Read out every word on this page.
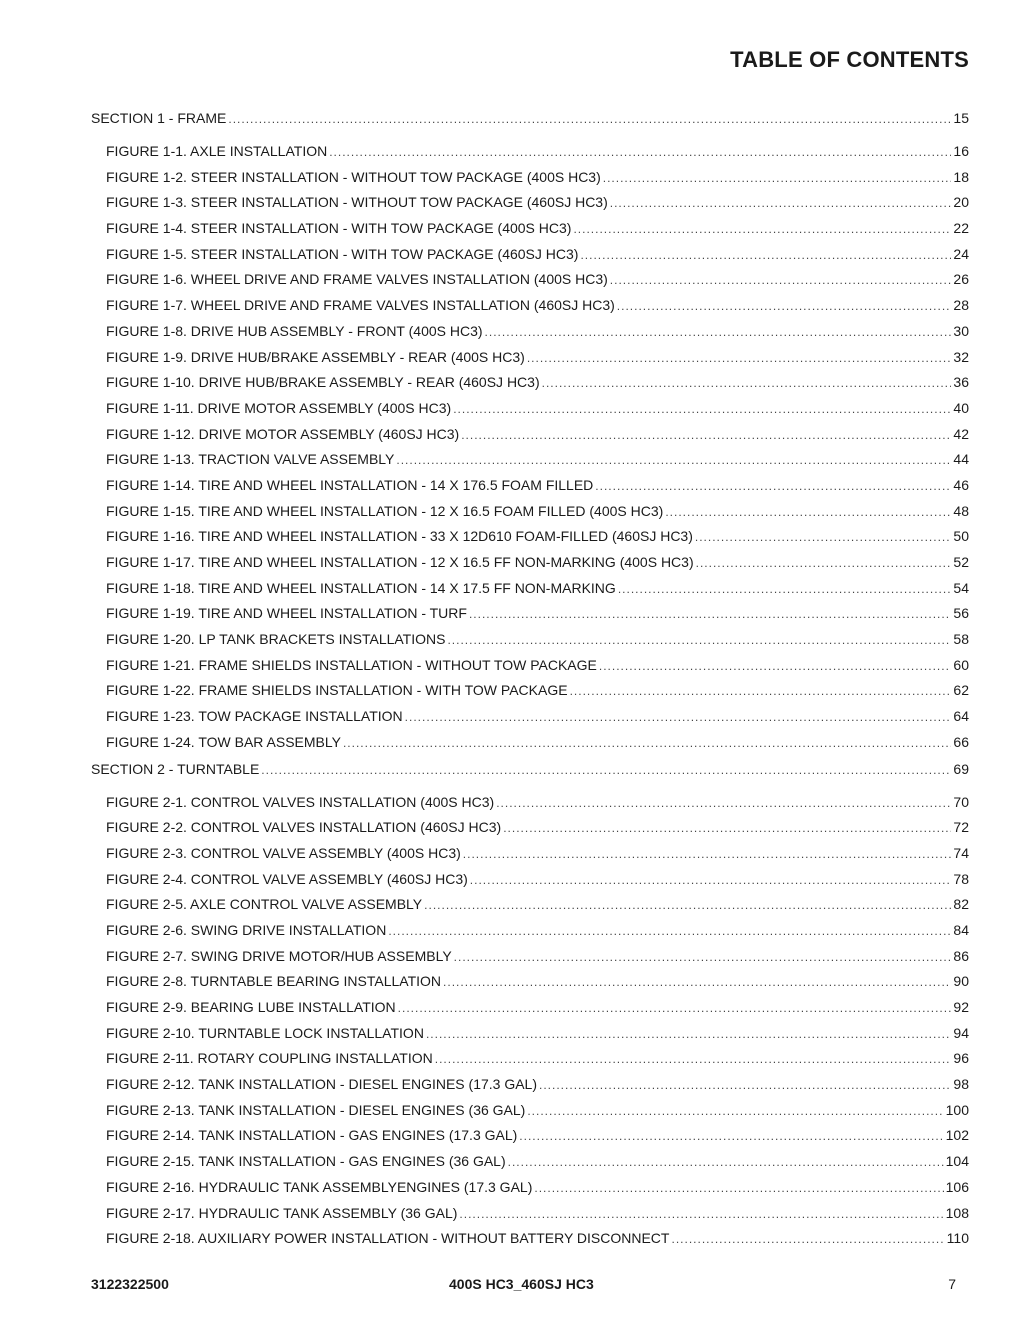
TABLE OF CONTENTS
SECTION 1 - FRAME .....	15
FIGURE 1-1. AXLE INSTALLATION .....	16
FIGURE 1-2. STEER INSTALLATION - WITHOUT TOW PACKAGE (400S HC3) .....	18
FIGURE 1-3. STEER INSTALLATION - WITHOUT TOW PACKAGE (460SJ HC3) .....	20
FIGURE 1-4. STEER INSTALLATION - WITH TOW PACKAGE (400S HC3) .....	22
FIGURE 1-5. STEER INSTALLATION - WITH TOW PACKAGE (460SJ HC3) .....	24
FIGURE 1-6. WHEEL DRIVE AND FRAME VALVES INSTALLATION (400S HC3) .....	26
FIGURE 1-7. WHEEL DRIVE AND FRAME VALVES INSTALLATION (460SJ HC3) .....	28
FIGURE 1-8. DRIVE HUB ASSEMBLY - FRONT (400S HC3) .....	30
FIGURE 1-9. DRIVE HUB/BRAKE ASSEMBLY - REAR (400S HC3) .....	32
FIGURE 1-10. DRIVE HUB/BRAKE ASSEMBLY - REAR (460SJ HC3) .....	36
FIGURE 1-11. DRIVE MOTOR ASSEMBLY (400S HC3) .....	40
FIGURE 1-12. DRIVE MOTOR ASSEMBLY (460SJ HC3) .....	42
FIGURE 1-13. TRACTION VALVE ASSEMBLY .....	44
FIGURE 1-14. TIRE AND WHEEL INSTALLATION - 14 X 176.5 FOAM FILLED .....	46
FIGURE 1-15. TIRE AND WHEEL INSTALLATION - 12 X 16.5 FOAM FILLED (400S HC3) .....	48
FIGURE 1-16. TIRE AND WHEEL INSTALLATION - 33 X 12D610 FOAM-FILLED (460SJ HC3) .....	50
FIGURE 1-17. TIRE AND WHEEL INSTALLATION - 12 X 16.5 FF NON-MARKING (400S HC3) .....	52
FIGURE 1-18. TIRE AND WHEEL INSTALLATION - 14 X 17.5 FF NON-MARKING .....	54
FIGURE 1-19. TIRE AND WHEEL INSTALLATION - TURF .....	56
FIGURE 1-20. LP TANK BRACKETS INSTALLATIONS .....	58
FIGURE 1-21. FRAME SHIELDS INSTALLATION - WITHOUT TOW PACKAGE .....	60
FIGURE 1-22. FRAME SHIELDS INSTALLATION - WITH TOW PACKAGE .....	62
FIGURE 1-23. TOW PACKAGE INSTALLATION .....	64
FIGURE 1-24. TOW BAR ASSEMBLY .....	66
SECTION 2 - TURNTABLE .....	69
FIGURE 2-1. CONTROL VALVES INSTALLATION (400S HC3) .....	70
FIGURE 2-2. CONTROL VALVES INSTALLATION (460SJ HC3) .....	72
FIGURE 2-3. CONTROL VALVE ASSEMBLY (400S HC3) .....	74
FIGURE 2-4. CONTROL VALVE ASSEMBLY (460SJ HC3) .....	78
FIGURE 2-5. AXLE CONTROL VALVE ASSEMBLY .....	82
FIGURE 2-6. SWING DRIVE INSTALLATION .....	84
FIGURE 2-7. SWING DRIVE MOTOR/HUB ASSEMBLY .....	86
FIGURE 2-8. TURNTABLE BEARING INSTALLATION .....	90
FIGURE 2-9. BEARING LUBE INSTALLATION .....	92
FIGURE 2-10. TURNTABLE LOCK INSTALLATION .....	94
FIGURE 2-11. ROTARY COUPLING INSTALLATION .....	96
FIGURE 2-12. TANK INSTALLATION - DIESEL ENGINES (17.3 GAL) .....	98
FIGURE 2-13. TANK INSTALLATION - DIESEL ENGINES (36 GAL) .....	100
FIGURE 2-14. TANK INSTALLATION - GAS ENGINES (17.3 GAL) .....	102
FIGURE 2-15. TANK INSTALLATION - GAS ENGINES (36 GAL) .....	104
FIGURE 2-16. HYDRAULIC TANK ASSEMBLYENGINES (17.3 GAL) .....	106
FIGURE 2-17. HYDRAULIC TANK ASSEMBLY (36 GAL) .....	108
FIGURE 2-18. AUXILIARY POWER INSTALLATION - WITHOUT BATTERY DISCONNECT .....	110
3122322500	400S HC3_460SJ HC3	7
